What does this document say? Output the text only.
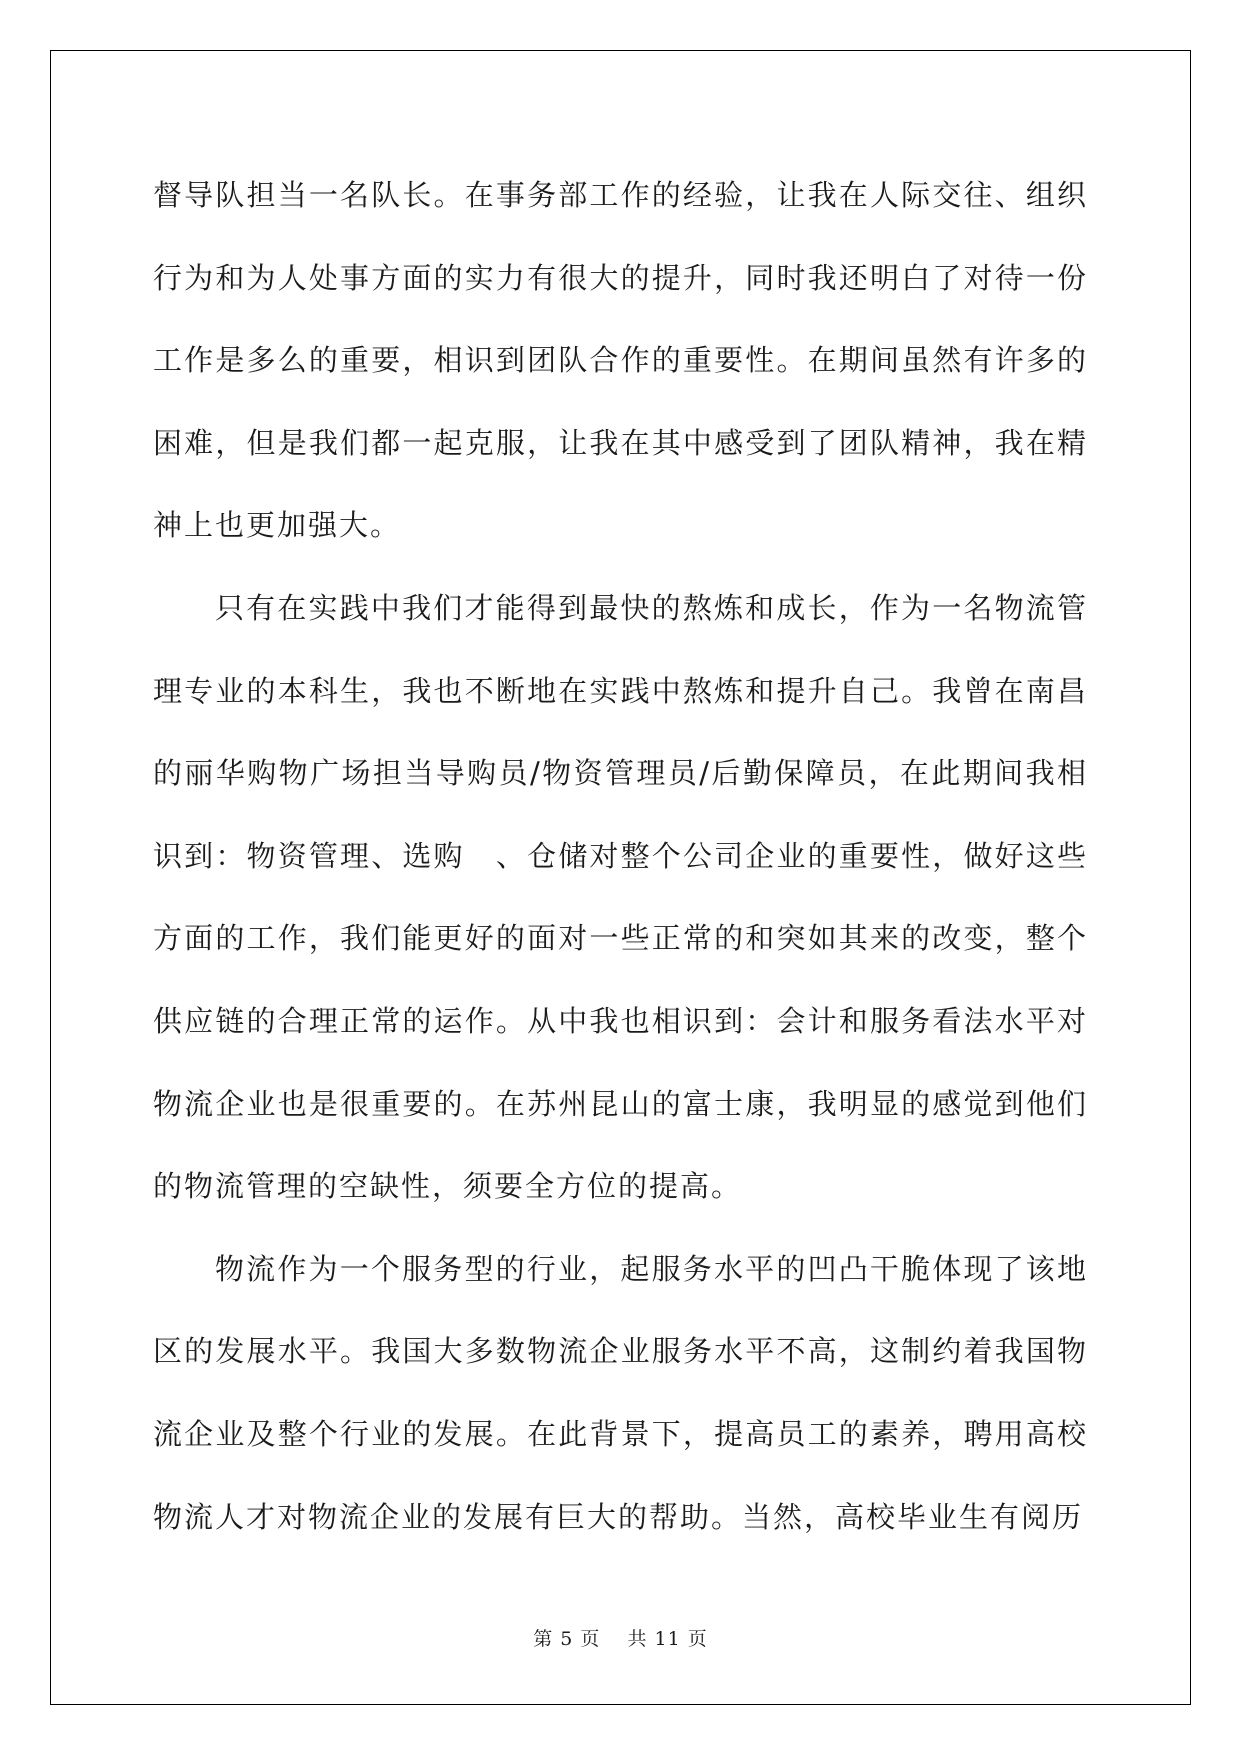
督导队担当一名队长。在事务部工作的经验，让我在人际交往、组织行为和为人处事方面的实力有很大的提升，同时我还明白了对待一份工作是多么的重要，相识到团队合作的重要性。在期间虽然有许多的困难，但是我们都一起克服，让我在其中感受到了团队精神，我在精神上也更加强大。

只有在实践中我们才能得到最快的熬炼和成长，作为一名物流管理专业的本科生，我也不断地在实践中熬炼和提升自己。我曾在南昌的丽华购物广场担当导购员/物资管理员/后勤保障员，在此期间我相识到：物资管理、选购　、仓储对整个公司企业的重要性，做好这些方面的工作，我们能更好的面对一些正常的和突如其来的改变，整个供应链的合理正常的运作。从中我也相识到：会计和服务看法水平对物流企业也是很重要的。在苏州昆山的富士康，我明显的感觉到他们的物流管理的空缺性，须要全方位的提高。

物流作为一个服务型的行业，起服务水平的凹凸干脆体现了该地区的发展水平。我国大多数物流企业服务水平不高，这制约着我国物流企业及整个行业的发展。在此背景下，提高员工的素养，聘用高校物流人才对物流企业的发展有巨大的帮助。当然，高校毕业生有阅历

第 5 页　 共 11 页
